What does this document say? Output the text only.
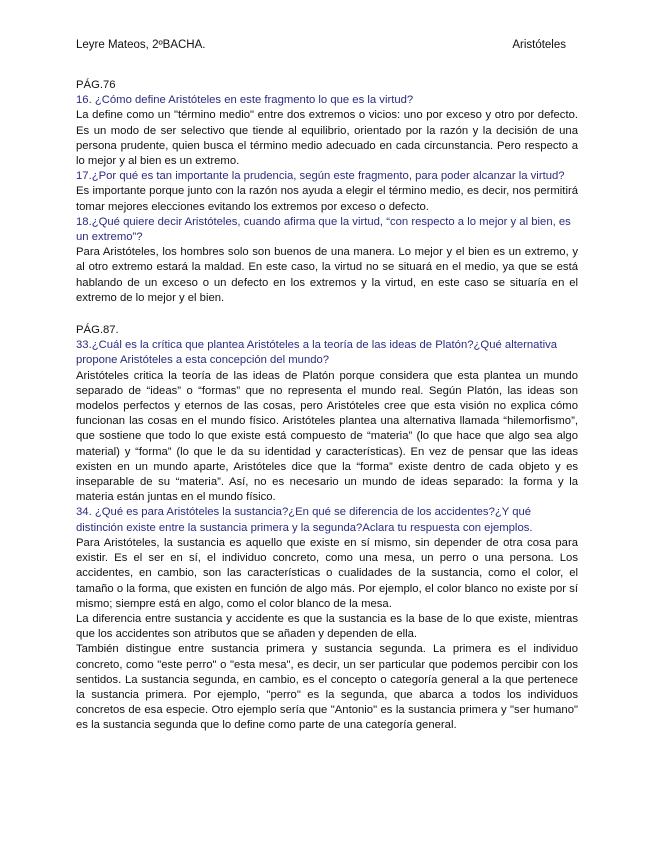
Leyre Mateos, 2ºBACHA.	Aristóteles

PÁG.76

16. ¿Cómo define Aristóteles en este fragmento lo que es la virtud?

La define como un "término medio" entre dos extremos o vicios: uno por exceso y otro por defecto. Es un modo de ser selectivo que tiende al equilibrio, orientado por la razón y la decisión de una persona prudente, quien busca el término medio adecuado en cada circunstancia. Pero respecto a lo mejor y al bien es un extremo.

17.¿Por qué es tan importante la prudencia, según este fragmento, para poder alcanzar la virtud?

Es importante porque junto con la razón nos ayuda a elegir el término medio, es decir, nos permitirá tomar mejores elecciones evitando los extremos por exceso o defecto.

18.¿Qué quiere decir Aristóteles, cuando afirma que la virtud, “con respecto a lo mejor y al bien, es un extremo”?

Para Aristóteles, los hombres solo son buenos de una manera. Lo mejor y el bien es un extremo, y al otro extremo estará la maldad. En este caso, la virtud no se situará en el medio, ya que se está hablando de un exceso o un defecto en los extremos y la virtud, en este caso se situaría en el extremo de lo mejor y el bien.

PÁG.87.

33.¿Cuál es la crítica que plantea Aristóteles a la teoría de las ideas de Platón?¿Qué alternativa propone Aristóteles a esta concepción del mundo?

Aristóteles critica la teoría de las ideas de Platón porque considera que esta plantea un mundo separado de “ideas” o “formas” que no representa el mundo real. Según Platón, las ideas son modelos perfectos y eternos de las cosas, pero Aristóteles cree que esta visión no explica cómo funcionan las cosas en el mundo físico. Aristóteles plantea una alternativa llamada “hilemorfismo”, que sostiene que todo lo que existe está compuesto de “materia” (lo que hace que algo sea algo material) y “forma” (lo que le da su identidad y características). En vez de pensar que las ideas existen en un mundo aparte, Aristóteles dice que la “forma” existe dentro de cada objeto y es inseparable de su “materia”. Así, no es necesario un mundo de ideas separado: la forma y la materia están juntas en el mundo físico.

34. ¿Qué es para Aristóteles la sustancia?¿En qué se diferencia de los accidentes?¿Y qué distinción existe entre la sustancia primera y la segunda?Aclara tu respuesta con ejemplos.

Para Aristóteles, la sustancia es aquello que existe en sí mismo, sin depender de otra cosa para existir. Es el ser en sí, el individuo concreto, como una mesa, un perro o una persona. Los accidentes, en cambio, son las características o cualidades de la sustancia, como el color, el tamaño o la forma, que existen en función de algo más. Por ejemplo, el color blanco no existe por sí mismo; siempre está en algo, como el color blanco de la mesa.

La diferencia entre sustancia y accidente es que la sustancia es la base de lo que existe, mientras que los accidentes son atributos que se añaden y dependen de ella.

También distingue entre sustancia primera y sustancia segunda. La primera es el individuo concreto, como "este perro" o "esta mesa", es decir, un ser particular que podemos percibir con los sentidos. La sustancia segunda, en cambio, es el concepto o categoría general a la que pertenece la sustancia primera. Por ejemplo, "perro" es la segunda, que abarca a todos los individuos concretos de esa especie. Otro ejemplo sería que "Antonio" es la sustancia primera y "ser humano" es la sustancia segunda que lo define como parte de una categoría general.
